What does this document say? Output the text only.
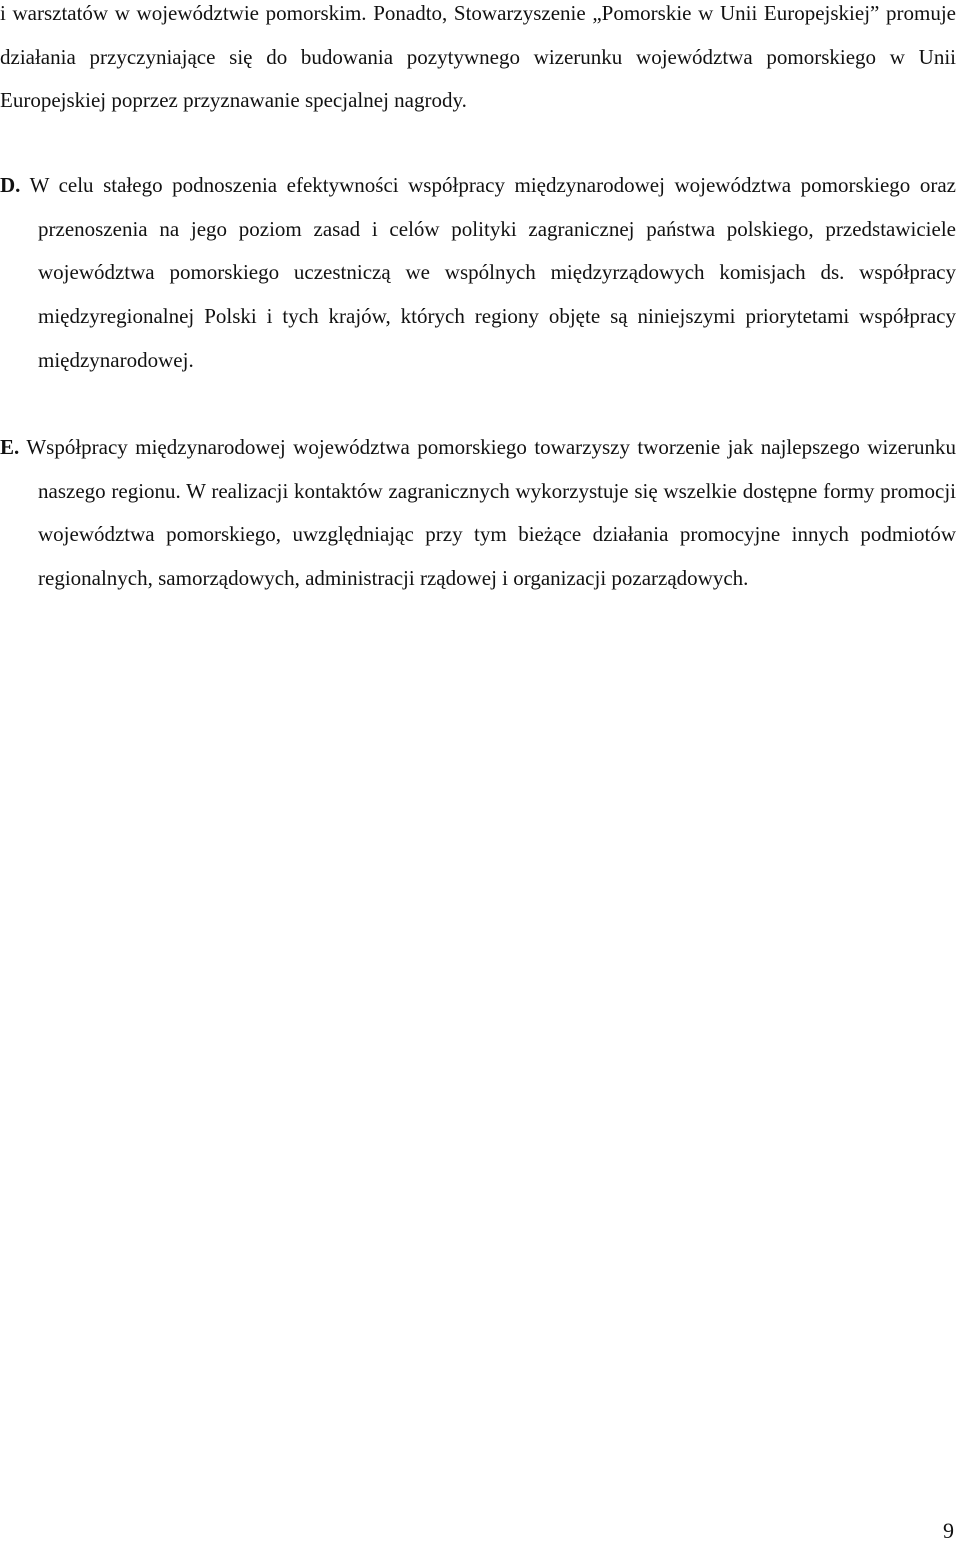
i warsztatów w województwie pomorskim. Ponadto, Stowarzyszenie „Pomorskie w Unii Europejskiej” promuje działania przyczyniające się do budowania pozytywnego wizerunku województwa pomorskiego w Unii Europejskiej poprzez przyznawanie specjalnej nagrody.

D. W celu stałego podnoszenia efektywności współpracy międzynarodowej województwa pomorskiego oraz przenoszenia na jego poziom zasad i celów polityki zagranicznej państwa polskiego, przedstawiciele województwa pomorskiego uczestniczą we wspólnych międzyrządowych komisjach ds. współpracy międzyregionalnej Polski i tych krajów, których regiony objęte są niniejszymi priorytetami współpracy międzynarodowej.

E. Współpracy międzynarodowej województwa pomorskiego towarzyszy tworzenie jak najlepszego wizerunku naszego regionu. W realizacji kontaktów zagranicznych wykorzystuje się wszelkie dostępne formy promocji województwa pomorskiego, uwzględniając przy tym bieżące działania promocyjne innych podmiotów regionalnych, samorządowych, administracji rządowej i organizacji pozarządowych.

9
